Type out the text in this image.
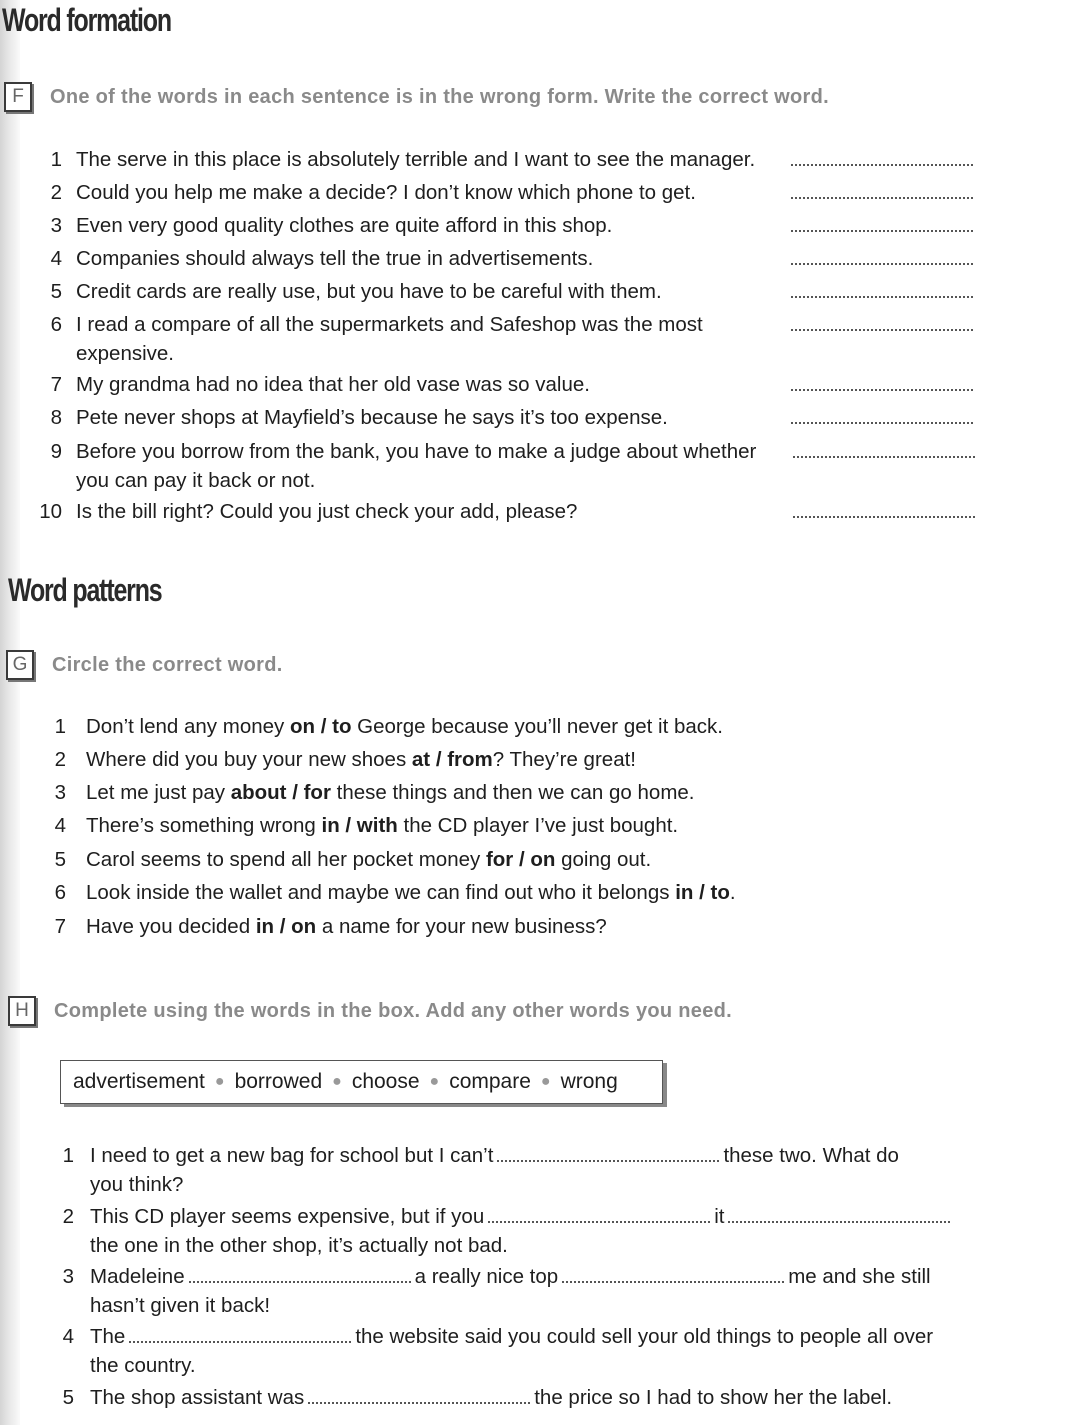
Word formation
F	One of the words in each sentence is in the wrong form. Write the correct word.
1 The serve in this place is absolutely terrible and I want to see the manager.
2 Could you help me make a decide? I don’t know which phone to get.
3 Even very good quality clothes are quite afford in this shop.
4 Companies should always tell the true in advertisements.
5 Credit cards are really use, but you have to be careful with them.
6 I read a compare of all the supermarkets and Safeshop was the most
expensive.
7 My grandma had no idea that her old vase was so value.
8 Pete never shops at Mayfield’s because he says it’s too expense.
9 Before you borrow from the bank, you have to make a judge about whether
you can pay it back or not.
10 Is the bill right? Could you just check your add, please?
Word patterns
G	Circle the correct word.
1 Don’t lend any money on / to George because you’ll never get it back.
2 Where did you buy your new shoes at / from? They’re great!
3 Let me just pay about / for these things and then we can go home.
4 There’s something wrong in / with the CD player I’ve just bought.
5 Carol seems to spend all her pocket money for / on going out.
6 Look inside the wallet and maybe we can find out who it belongs in / to.
7 Have you decided in / on a name for your new business?
H	Complete using the words in the box. Add any other words you need.
advertisement ● borrowed ● choose ● compare ● wrong
1 I need to get a new bag for school but I can’t	these two. What do
you think?
2 This CD player seems expensive, but if you	it
the one in the other shop, it’s actually not bad.
3 Madeleine	a really nice top	me and she still
hasn’t given it back!
4 The	the website said you could sell your old things to people all over
the country.
5 The shop assistant was	the price so I had to show her the label.
